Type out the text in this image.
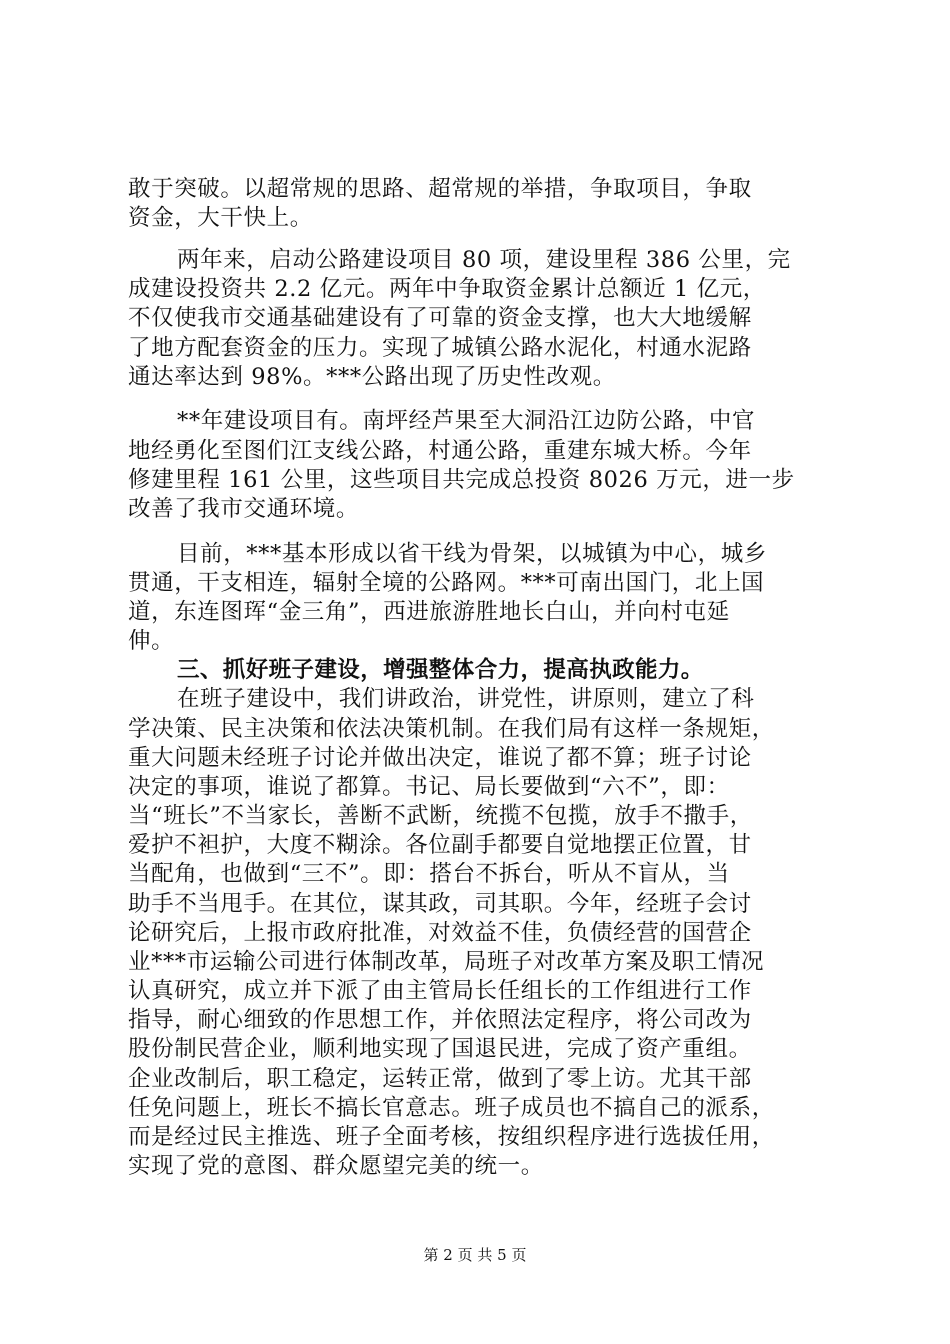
敢于突破。以超常规的思路、超常规的举措，争取项目，争取
资金，大干快上。
两年来，启动公路建设项目 80 项，建设里程 386 公里，完
成建设投资共 2.2 亿元。两年中争取资金累计总额近 1 亿元，
不仅使我市交通基础建设有了可靠的资金支撑，也大大地缓解
了地方配套资金的压力。实现了城镇公路水泥化，村通水泥路
通达率达到 98%。***公路出现了历史性改观。
**年建设项目有。南坪经芦果至大洞沿江边防公路，中官
地经勇化至图们江支线公路，村通公路，重建东城大桥。今年
修建里程 161 公里，这些项目共完成总投资 8026 万元，进一步
改善了我市交通环境。
目前，***基本形成以省干线为骨架，以城镇为中心，城乡
贯通，干支相连，辐射全境的公路网。***可南出国门，北上国
道，东连图珲“金三角”，西进旅游胜地长白山，并向村屯延
伸。
三、抓好班子建设，增强整体合力，提高执政能力。
在班子建设中，我们讲政治，讲党性，讲原则，建立了科
学决策、民主决策和依法决策机制。在我们局有这样一条规矩，
重大问题未经班子讨论并做出决定，谁说了都不算；班子讨论
决定的事项，谁说了都算。书记、局长要做到“六不”，即：
当“班长”不当家长，善断不武断，统揽不包揽，放手不撒手，
爱护不袒护，大度不糊涂。各位副手都要自觉地摆正位置，甘
当配角，也做到“三不”。即：搭台不拆台，听从不盲从，当
助手不当甩手。在其位，谋其政，司其职。今年，经班子会讨
论研究后，上报市政府批准，对效益不佳，负债经营的国营企
业***市运输公司进行体制改革，局班子对改革方案及职工情况
认真研究，成立并下派了由主管局长任组长的工作组进行工作
指导，耐心细致的作思想工作，并依照法定程序，将公司改为
股份制民营企业，顺利地实现了国退民进，完成了资产重组。
企业改制后，职工稳定，运转正常，做到了零上访。尤其干部
任免问题上，班长不搞长官意志。班子成员也不搞自己的派系，
而是经过民主推选、班子全面考核，按组织程序进行选拔任用，
实现了党的意图、群众愿望完美的统一。
第 2 页 共 5 页
